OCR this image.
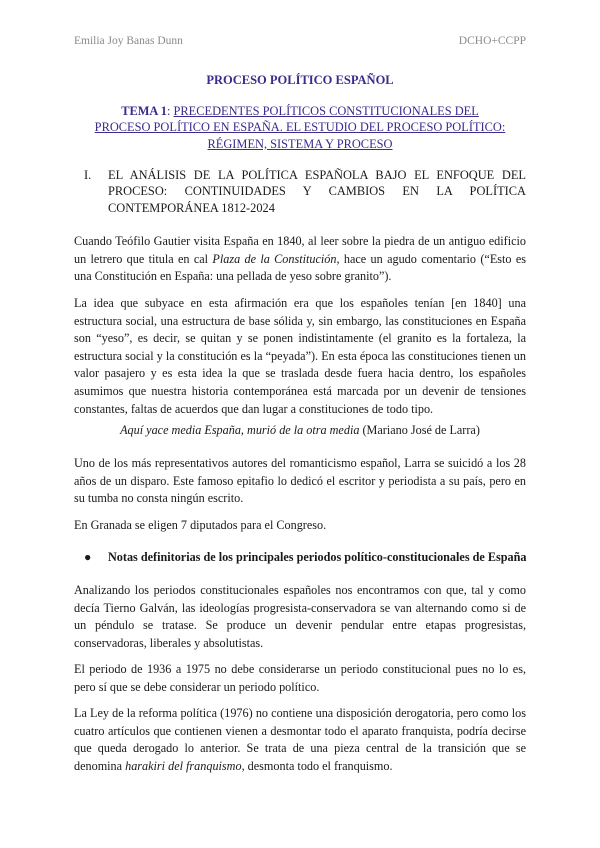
Emilia Joy Banas Dunn	DCHO+CCPP
PROCESO POLÍTICO ESPAÑOL
TEMA 1: PRECEDENTES POLÍTICOS CONSTITUCIONALES DEL PROCESO POLÍTICO EN ESPAÑA. EL ESTUDIO DEL PROCESO POLÍTICO: RÉGIMEN, SISTEMA Y PROCESO
I. EL ANÁLISIS DE LA POLÍTICA ESPAÑOLA BAJO EL ENFOQUE DEL PROCESO: CONTINUIDADES Y CAMBIOS EN LA POLÍTICA CONTEMPORÁNEA 1812-2024

Cuando Teófilo Gautier visita España en 1840, al leer sobre la piedra de un antiguo edificio un letrero que titula en cal Plaza de la Constitución, hace un agudo comentario (“Esto es una Constitución en España: una pellada de yeso sobre granito”).

La idea que subyace en esta afirmación era que los españoles tenían [en 1840] una estructura social, una estructura de base sólida y, sin embargo, las constituciones en España son “yeso”, es decir, se quitan y se ponen indistintamente (el granito es la fortaleza, la estructura social y la constitución es la “peyada”). En esta época las constituciones tienen un valor pasajero y es esta idea la que se traslada desde fuera hacia dentro, los españoles asumimos que nuestra historia contemporánea está marcada por un devenir de tensiones constantes, faltas de acuerdos que dan lugar a constituciones de todo tipo.

Aquí yace media España, murió de la otra media (Mariano José de Larra)

Uno de los más representativos autores del romanticismo español, Larra se suicidó a los 28 años de un disparo. Este famoso epitafio lo dedicó el escritor y periodista a su país, pero en su tumba no consta ningún escrito.

En Granada se eligen 7 diputados para el Congreso.

● Notas definitorias de los principales periodos político-constitucionales de España

Analizando los periodos constitucionales españoles nos encontramos con que, tal y como decía Tierno Galván, las ideologías progresista-conservadora se van alternando como si de un péndulo se tratase. Se produce un devenir pendular entre etapas progresistas, conservadoras, liberales y absolutistas.

El periodo de 1936 a 1975 no debe considerarse un periodo constitucional pues no lo es, pero sí que se debe considerar un periodo político.

La Ley de la reforma política (1976) no contiene una disposición derogatoria, pero como los cuatro artículos que contienen vienen a desmontar todo el aparato franquista, podría decirse que queda derogado lo anterior. Se trata de una pieza central de la transición que se denomina harakiri del franquismo, desmonta todo el franquismo.
